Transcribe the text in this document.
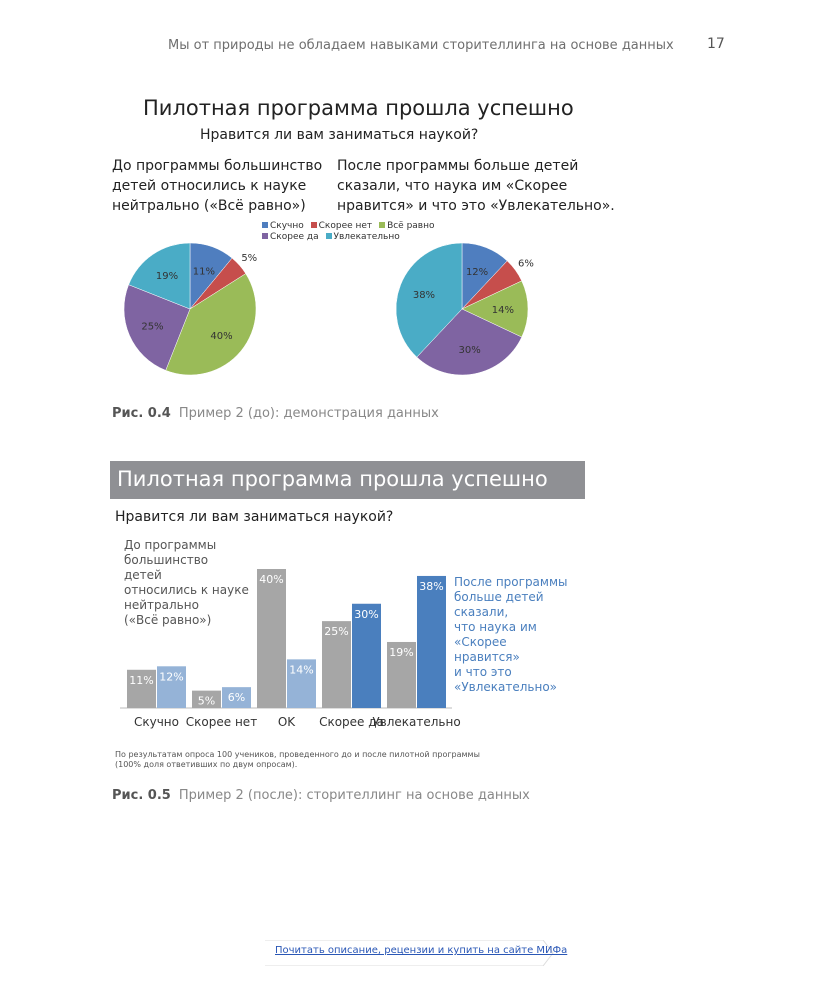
Мы от природы не обладаем навыками сторителлинга на основе данных 17
Пилотная программа прошла успешно
Нравится ли вам заниматься наукой?
До программы большинство
детей относились к науке
нейтрально («Всё равно»)
После программы больше детей
сказали, что наука им «Скорее
нравится» и что это «Увлекательно».
Скучно Скорее нет Всё равно
Скорее да Увлекательно
11%
5%
40%
25%
19%	12%
6%
14%
30%
38%
Рис. 0.4 Пример 2 (до): демонстрация данных
Пилотная программа прошла успешно
Нравится ли вам заниматься наукой?
До программы
большинство детей
относились к науке
нейтрально
(«Всё равно»)
11% 12%
Скучно
5% 6%
Скорее нет
40%
14%
OK
25%
30%
Скорее да
19%
38%
Увлекательно
После программы
больше детей
сказали,
что наука им
«Скорее
нравится»
и что это
«Увлекательно»
По результатам опроса 100 учеников, проведенного до и после пилотной программы
(100% доля ответивших по двум опросам).
Рис. 0.5 Пример 2 (после): сторителлинг на основе данных
Почитать описание, рецензии и купить на сайте МИФа
